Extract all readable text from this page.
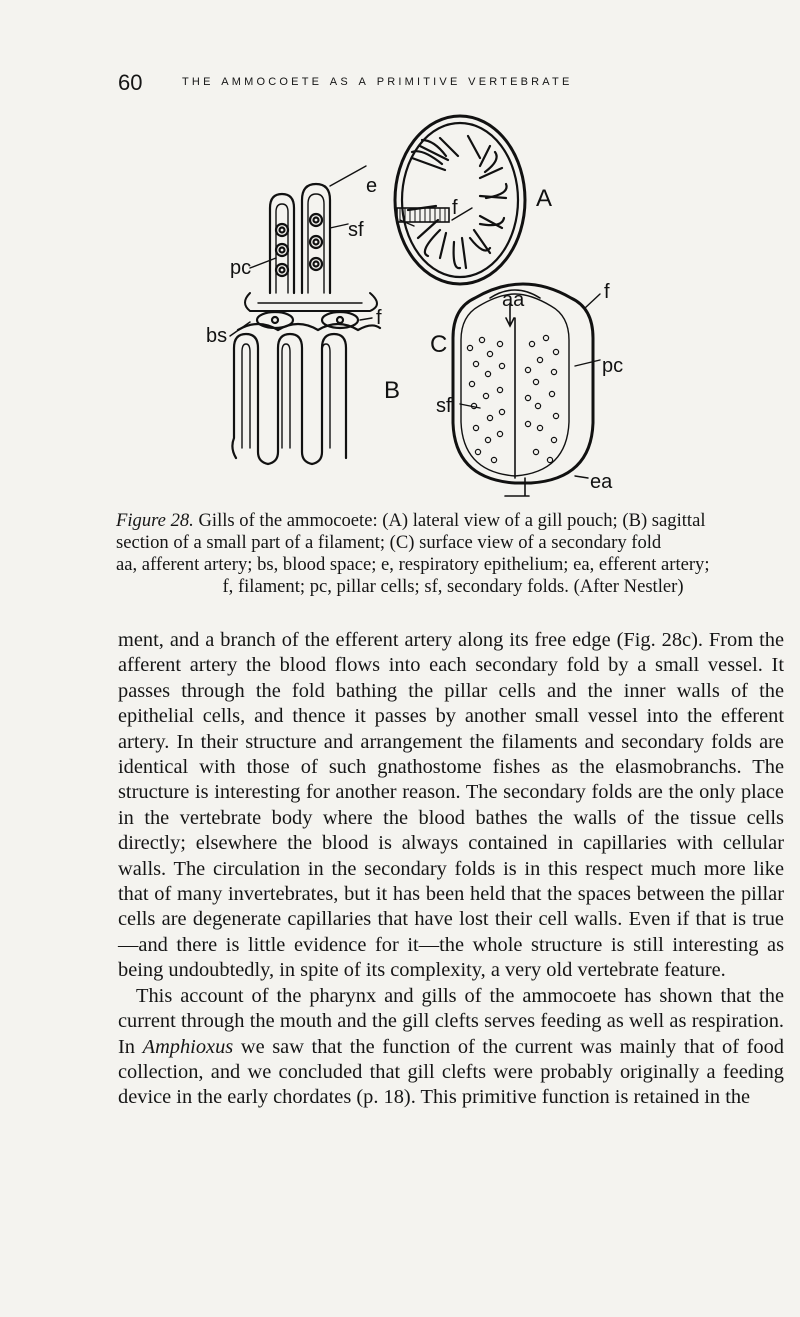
60 the ammocoete as a primitive vertebrate
e
f	A
sf
pc
f
bs
B
C
aa	f
pc
sf
ea
Figure 28. Gills of the ammocoete: (A) lateral view of a gill pouch; (B) sagittal
section of a small part of a filament; (C) surface view of a secondary fold
aa, afferent artery; bs, blood space; e, respiratory epithelium; ea, efferent artery;
f, filament; pc, pillar cells; sf, secondary folds. (After Nestler)

ment, and a branch of the efferent artery along its free edge (Fig. 28c). From the afferent artery the blood flows into each secondary fold by a small vessel. It passes through the fold bathing the pillar cells and the inner walls of the epithelial cells, and thence it passes by another small vessel into the efferent artery. In their structure and arrangement the filaments and secondary folds are identical with those of such gnathostome fishes as the elasmobranchs. The structure is interesting for another reason. The secondary folds are the only place in the vertebrate body where the blood bathes the walls of the tissue cells directly; elsewhere the blood is always contained in capillaries with cellular walls. The circulation in the secondary folds is in this respect much more like that of many invertebrates, but it has been held that the spaces between the pillar cells are degenerate capillaries that have lost their cell walls. Even if that is true—and there is little evidence for it—the whole structure is still interesting as being undoubtedly, in spite of its complexity, a very old vertebrate feature.

This account of the pharynx and gills of the ammocoete has shown that the current through the mouth and the gill clefts serves feeding as well as respiration. In Amphioxus we saw that the function of the current was mainly that of food collection, and we concluded that gill clefts were probably originally a feeding device in the early chordates (p. 18). This primitive function is retained in the
